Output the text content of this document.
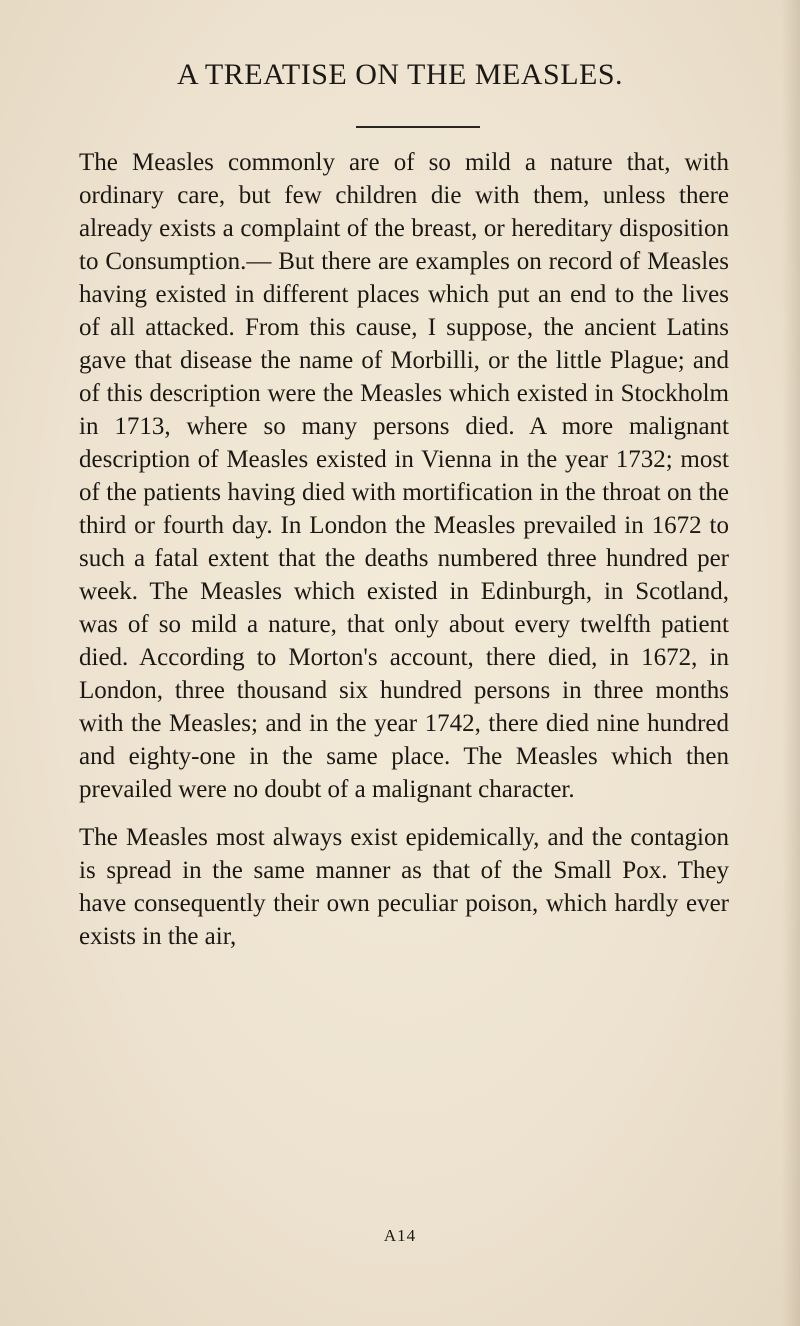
A TREATISE ON THE MEASLES.

The Measles commonly are of so mild a nature that, with ordinary care, but few children die with them, unless there already exists a complaint of the breast, or hereditary disposition to Consumption.— But there are examples on record of Measles having existed in different places which put an end to the lives of all attacked. From this cause, I suppose, the ancient Latins gave that disease the name of Morbilli, or the little Plague; and of this description were the Measles which existed in Stockholm in 1713, where so many persons died. A more malignant description of Measles existed in Vienna in the year 1732; most of the patients having died with mortification in the throat on the third or fourth day. In London the Measles prevailed in 1672 to such a fatal extent that the deaths numbered three hundred per week. The Measles which existed in Edinburgh, in Scotland, was of so mild a nature, that only about every twelfth patient died. According to Morton's account, there died, in 1672, in London, three thousand six hundred persons in three months with the Measles; and in the year 1742, there died nine hundred and eighty-one in the same place. The Measles which then prevailed were no doubt of a malignant character.

The Measles most always exist epidemically, and the contagion is spread in the same manner as that of the Small Pox. They have consequently their own peculiar poison, which hardly ever exists in the air,

A14
